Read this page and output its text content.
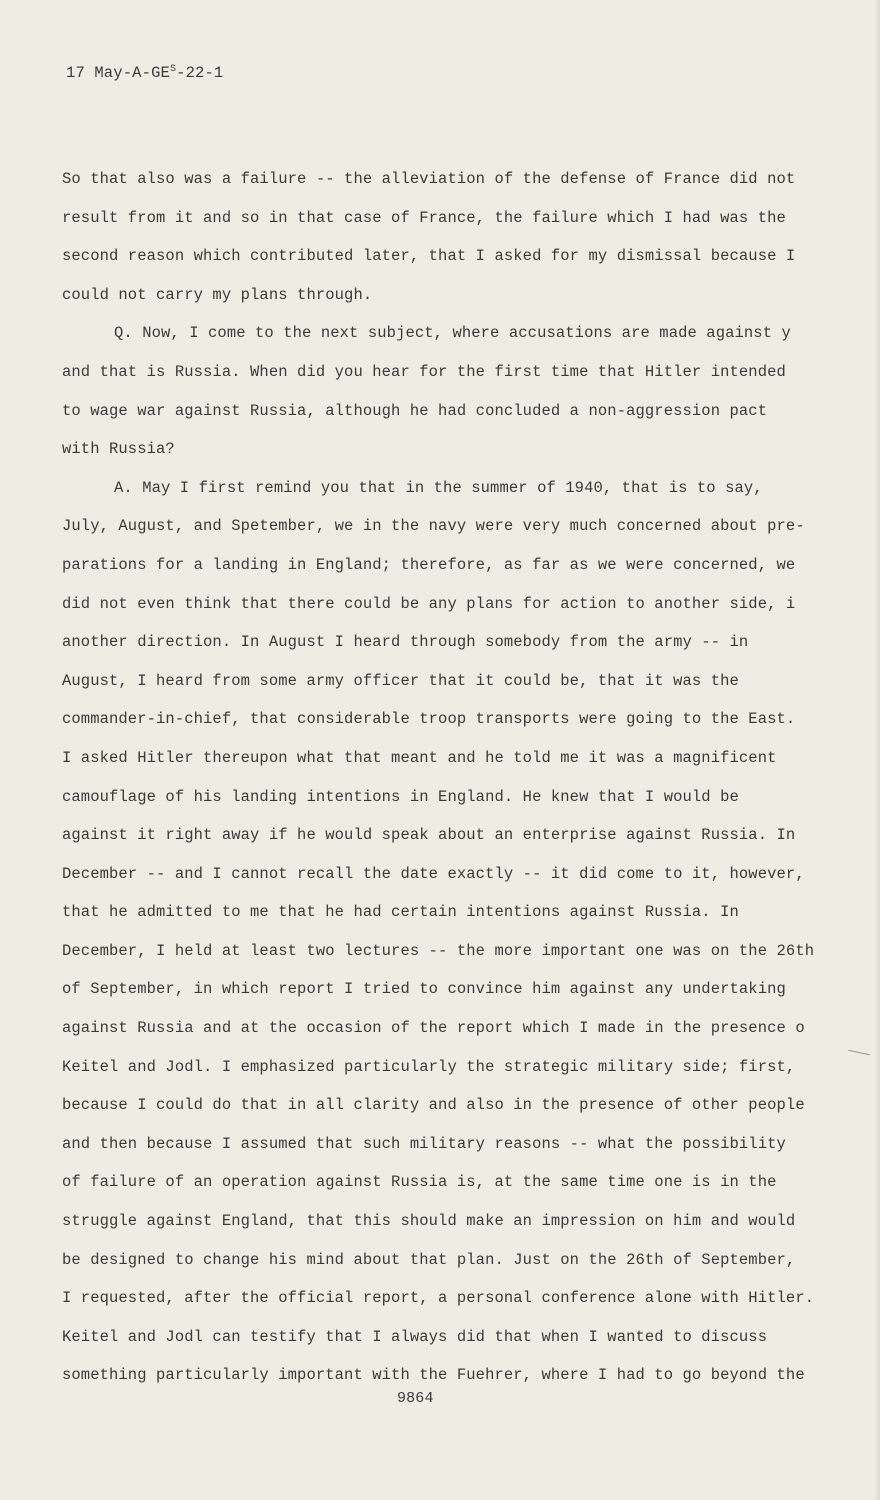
17 May-$A-GE^S-22-1$
So that also was a failure -- the alleviation of the defense of France did not
result from it and so in that case of France, the failure which I had was the
second reason which contributed later, that I asked for my dismissal because I
could not carry my plans through.
Q. Now, I come to the next subject, where accusations are made against y
and that is Russia. When did you hear for the first time that Hitler intended
to wage war against Russia, although he had concluded a non-aggression pact
with Russia?
A. May I first remind you that in the summer of 1940, that is to say,
July, August, and Spetember, we in the navy were very much concerned about pre-
parations for a landing in England; therefore, as far as we were concerned, we
did not even think that there could be any plans for action to another side, i
another direction. In August I heard through somebody from the army -- in
August, I heard from some army officer that it could be, that it was the
commander-in-chief, that considerable troop transports were going to the East.
I asked Hitler thereupon what that meant and he told me it was a magnificent
camouflage of his landing intentions in England. He knew that I would be
against it right away if he would speak about an enterprise against Russia. In
December -- and I cannot recall the date exactly -- it did come to it, however,
that he admitted to me that he had certain intentions against Russia. In
December, I held at least two lectures -- the more important one was on the 26th
of September, in which report I tried to convince him against any undertaking
against Russia and at the occasion of the report which I made in the presence o
Keitel and Jodl. I emphasized particularly the strategic military side; first,
because I could do that in all clarity and also in the presence of other people
and then because I assumed that such military reasons -- what the possibility
of failure of an operation against Russia is, at the same time one is in the
struggle against England, that this should make an impression on him and would
be designed to change his mind about that plan. Just on the 26th of September,
I requested, after the official report, a personal conference alone with Hitler.
Keitel and Jodl can testify that I always did that when I wanted to discuss
something particularly important with the Fuehrer, where I had to go beyond the
9864
